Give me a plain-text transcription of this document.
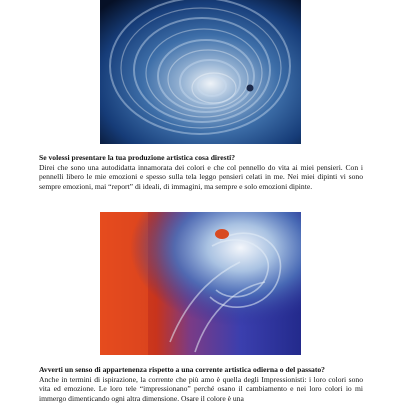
Se volessi presentare la tua produzione artistica cosa diresti?

Direi che sono una autodidatta innamorata dei colori e che col pennello do vita ai miei pensieri. Con i pennelli libero le mie emozioni e spesso sulla tela leggo pensieri celati in me. Nei miei dipinti vi sono sempre emozioni, mai “report” di ideali, di immagini, ma sempre e solo emozioni dipinte.

Avverti un senso di appartenenza rispetto a una corrente artistica odierna o del passato?

Anche in termini di ispirazione, la corrente che più amo è quella degli Impressionisti: i loro colori sono vita ed emozione. Le loro tele “impressionano” perché osano il cambiamento e nei loro colori io mi immergo dimenticando ogni altra dimensione. Osare il colore è una
